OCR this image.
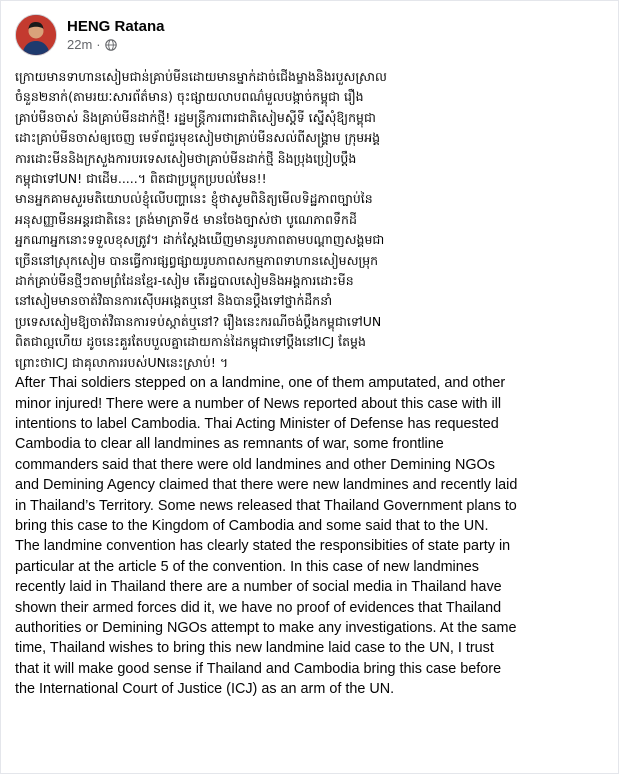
HENG Ratana
22m ·
ក្រោយមានទាហានសៀមជាន់គ្រាប់មីនដោយមានម្នាក់ដាច់ជើងម្ខាងនិងរបួសស្រាល
ចំនួន២នាក់(តាមរយៈសារព័ត៌មាន) ចុះផ្សាយលាបពណ៌មួលបង្កាច់កម្ពុជា រឿង
គ្រាប់មីនចាស់ និងគ្រាប់មីនដាក់ថ្មី! រដ្ឋមន្ត្រីការពារជាតិសៀមស្តីទី ស្នើសុំឱ្យកម្ពុជា
ដោះគ្រាប់មីនចាស់ឲ្យចេញ មេទ័ពជួរមុខសៀមថាគ្រាប់មីនសល់ពីសង្គ្រាម ក្រុមអង្គ
ការដោះមីននិងក្រសួងការបរទេសសៀមថាគ្រាប់មីនដាក់ថ្មី និងប្រុងប្រៀបប្តឹង
កម្ពុជាទៅUN! ជាដើម.....។ ពិតជាប្រប្លុកប្របល់មែន!!
មានអ្នកគាមសួរមតិយោបល់ខ្ញុំលើបញ្ហានេះ ខ្ញុំថាសូមពិនិត្យមើលទិដ្ឋភាពច្បាប់នៃ
អនុសញ្ញាមីនអន្តរជាតិនេះ ត្រង់មាត្រាទី៥ មានចែងច្បាស់ថា បូណេភាពទឹកដី
អ្នកណាអ្នកនោះទទួលខុសត្រូវ។ ដាក់ស្តែងឃើញមានរូបភាពតាមបណ្តាញសង្គមជា
ច្រើននៅស្រុកសៀម បានធ្វើការផ្សព្វផ្សាយរូបភាពសកម្មភាពទាហានសៀមសម្រុក
ដាក់គ្រាប់មីនថ្មីៗតាមព្រំដែនខ្មែរ-សៀម តើរដ្ឋបាលសៀមនិងអង្គការដោះមីន
នៅសៀមមានចាត់វិធានការស៊ើបអង្កេតឬនៅ និងបានប្តឹងទៅថ្នាក់ដឹកនាំ
ប្រទេសសៀមឱ្យចាត់វិធានការទប់ស្កាត់ឬនៅ? រឿងនេះករណីចង់ប្តឹងកម្ពុជាទៅUN
ពិតជាល្អហើយ ដូចនេះគួរតែបបួលគ្នាដោយកាន់ដៃកម្ពុជាទៅប្តឹងនៅICJ តែម្តង
ព្រោះថាICJ ជាគុលាការរបស់UNនេះស្រាប់! ។
After Thai soldiers stepped on a landmine, one of them amputated, and other
minor injured! There were a number of News reported about this case with ill
intentions to label Cambodia. Thai Acting Minister of Defense has requested
Cambodia to clear all landmines as remnants of war, some frontline
commanders said that there were old landmines and other Demining NGOs
and Demining Agency claimed that there were new landmines and recently laid
in Thailand’s Territory. Some news released that Thailand Government plans to
bring this case to the Kingdom of Cambodia and some said that to the UN.
The landmine convention has clearly stated the responsibities of state party in
particular at the article 5 of the convention. In this case of new landmines
recently laid in Thailand there are a number of social media in Thailand have
shown their armed forces did it, we have no proof of evidences that Thailand
authorities or Demining NGOs attempt to make any investigations. At the same
time, Thailand wishes to bring this new landmine laid case to the UN, I trust
that it will make good sense if Thailand and Cambodia bring this case before
the International Court of Justice (ICJ) as an arm of the UN.
